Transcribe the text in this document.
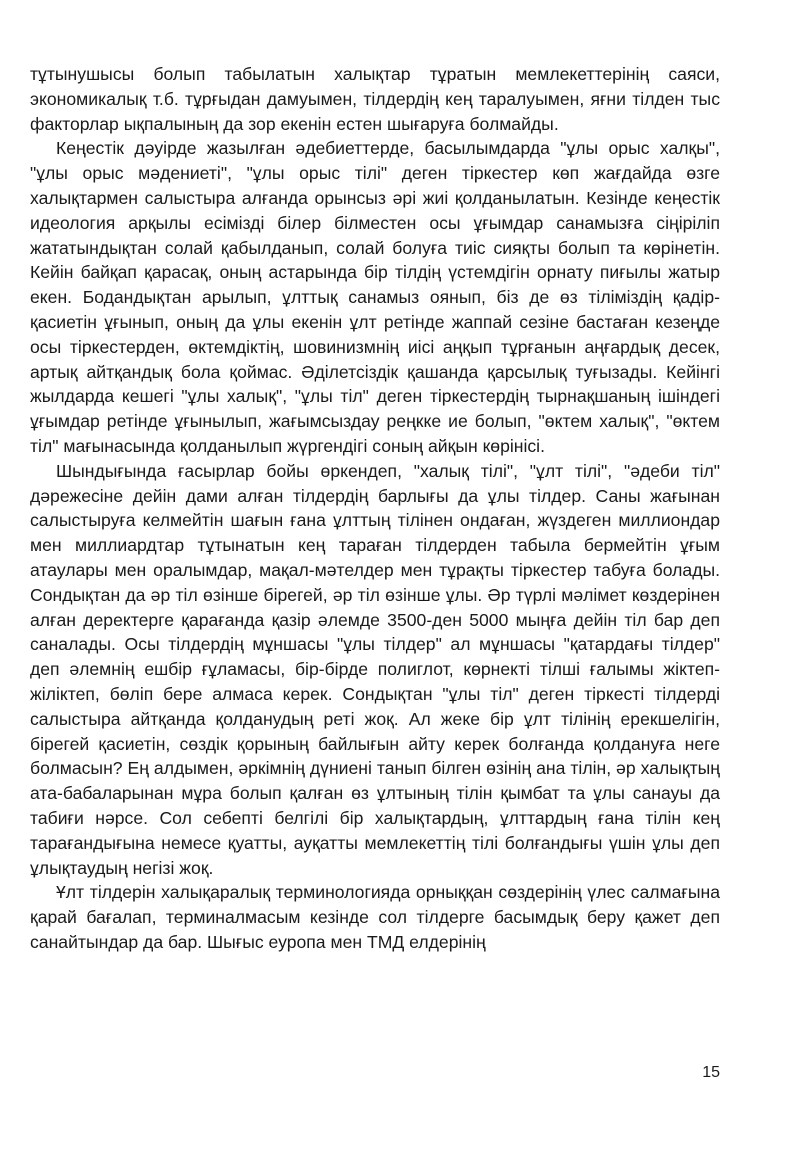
тұтынушысы болып табылатын халықтар тұратын мемлекеттерінің саяси, экономикалық т.б. тұрғыдан дамуымен, тілдердің кең таралуымен, яғни тілден тыс факторлар ықпалының да зор екенін естен шығаруға болмайды.

Кеңестік дәуірде жазылған әдебиеттерде, басылымдарда "ұлы орыс халқы", "ұлы орыс мәдениеті", "ұлы орыс тілі" деген тіркестер көп жағдайда өзге халықтармен салыстыра алғанда орынсыз әрі жиі қолданылатын. Кезінде кеңестік идеология арқылы есімізді білер білместен осы ұғымдар санамызға сіңіріліп жататындықтан солай қабылданып, солай болуға тиіс сияқты болып та көрінетін. Кейін байқап қарасақ, оның астарында бір тілдің үстемдігін орнату пиғылы жатыр екен. Бодандықтан арылып, ұлттық санамыз оянып, біз де өз тіліміздің қадір-қасиетін ұғынып, оның да ұлы екенін ұлт ретінде жаппай сезіне бастаған кезеңде осы тіркестерден, өктемдіктің, шовинизмнің иісі аңқып тұрғанын аңғардық десек, артық айтқандық бола қоймас. Әділетсіздік қашанда қарсылық туғызады. Кейінгі жылдарда кешегі "ұлы халық", "ұлы тіл" деген тіркестердің тырнақшаның ішіндегі ұғымдар ретінде ұғынылып, жағымсыздау реңкке ие болып, "өктем халық", "өктем тіл" мағынасында қолданылып жүргендігі соның айқын көрінісі.

Шындығында ғасырлар бойы өркендеп, "халық тілі", "ұлт тілі", "әдеби тіл" дәрежесіне дейін дами алған тілдердің барлығы да ұлы тілдер. Саны жағынан салыстыруға келмейтін шағын ғана ұлттың тілінен ондаған, жүздеген миллиондар мен миллиардтар тұтынатын кең тараған тілдерден табыла бермейтін ұғым атаулары мен оралымдар, мақал-мәтелдер мен тұрақты тіркестер табуға болады. Сондықтан да әр тіл өзінше бірегей, әр тіл өзінше ұлы. Әр түрлі мәлімет көздерінен алған деректерге қарағанда қазір әлемде 3500-ден 5000 мыңға дейін тіл бар деп саналады. Осы тілдердің мұншасы "ұлы тілдер" ал мұншасы "қатардағы тілдер" деп әлемнің ешбір ғұламасы, бір-бірде полиглот, көрнекті тілші ғалымы жіктеп-жіліктеп, бөліп бере алмаса керек. Сондықтан "ұлы тіл" деген тіркесті тілдерді салыстыра айтқанда қолданудың реті жоқ. Ал жеке бір ұлт тілінің ерекшелігін, бірегей қасиетін, сөздік қорының байлығын айту керек болғанда қолдануға неге болмасын? Ең алдымен, әркімнің дүниені танып білген өзінің ана тілін, әр халықтың ата-бабаларынан мұра болып қалған өз ұлтының тілін қымбат та ұлы санауы да табиғи нәрсе. Сол себепті белгілі бір халықтардың, ұлттардың ғана тілін кең тарағандығына немесе қуатты, ауқатты мемлекеттің тілі болғандығы үшін ұлы деп ұлықтаудың негізі жоқ.

Ұлт тілдерін халықаралық терминологияда орныққан сөздерінің үлес салмағына қарай бағалап, терминалмасым кезінде сол тілдерге басымдық беру қажет деп санайтындар да бар. Шығыс еуропа мен ТМД елдерінің

15
